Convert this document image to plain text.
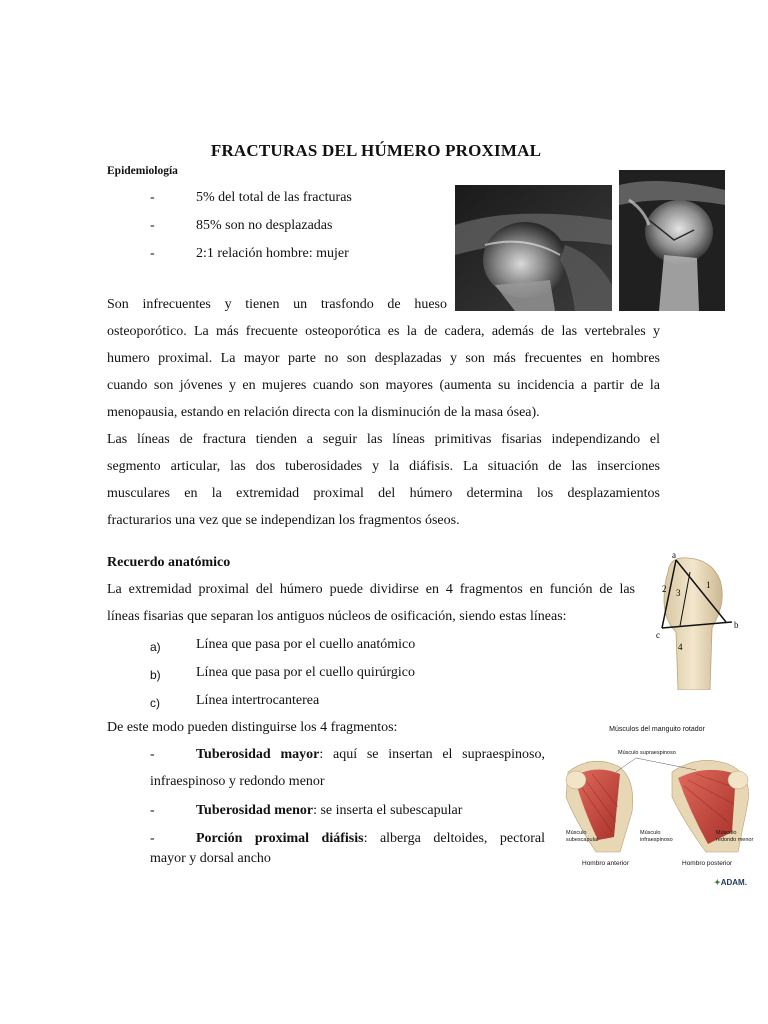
FRACTURAS DEL HÚMERO PROXIMAL
Epidemiología
-	5% del total de las fracturas
-	85% son no desplazadas
-	2:1 relación hombre: mujer
Son infrecuentes y tienen un trasfondo de hueso
osteoporótico. La más frecuente osteoporótica es la de cadera, además de las vertebrales y
humero proximal. La mayor parte no son desplazadas y son más frecuentes en hombres
cuando son jóvenes y en mujeres cuando son mayores (aumenta su incidencia a partir de la
menopausia, estando en relación directa con la disminución de la masa ósea).
Las líneas de fractura tienden a seguir las líneas primitivas fisarias independizando el
segmento articular, las dos tuberosidades y la diáfisis. La situación de las inserciones
musculares en la extremidad proximal del húmero determina los desplazamientos
fracturarios una vez que se independizan los fragmentos óseos.
Recuerdo anatómico
La extremidad proximal del húmero puede dividirse en 4 fragmentos en función de las
líneas fisarias que separan los antiguos núcleos de osificación, siendo estas líneas:
a)	Línea que pasa por el cuello anatómico
b)	Línea que pasa por el cuello quirúrgico
c)	Línea intertrocanterea
De este modo pueden distinguirse los 4 fragmentos:
-	Tuberosidad mayor: aquí se insertan el supraespinoso,
infraespinoso y redondo menor
-	Tuberosidad menor: se inserta el subescapular
-	Porción proximal diáfisis: alberga deltoides, pectoral
mayor y dorsal ancho
a
b
c
1
2 3
4
Músculos del manguito rotador
Músculo supraespinoso
Músculo
subescapular
Músculo
infraespinoso
Músculo
redondo menor
Hombro anterior	Hombro posterior
✦ADAM.
